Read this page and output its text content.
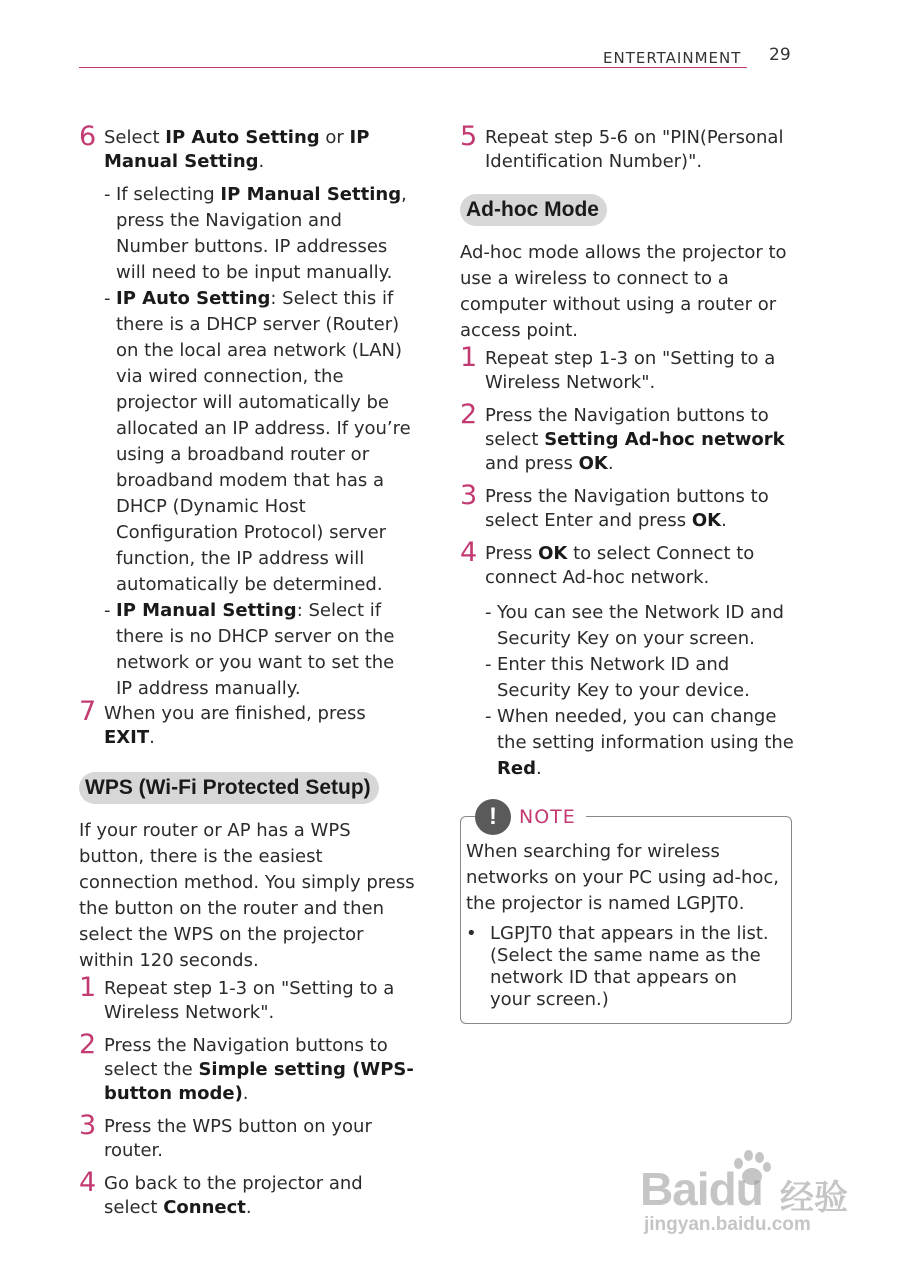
ENTERTAINMENT 29
6 Select IP Auto Setting or IP Manual Setting.
- If selecting IP Manual Setting, press the Navigation and Number buttons. IP addresses will need to be input manually.
- IP Auto Setting: Select this if there is a DHCP server (Router) on the local area network (LAN) via wired connection, the projector will automatically be allocated an IP address. If you’re using a broadband router or broadband modem that has a DHCP (Dynamic Host Configuration Protocol) server function, the IP address will automatically be determined.
- IP Manual Setting: Select if there is no DHCP server on the network or you want to set the IP address manually.
7 When you are finished, press EXIT.
WPS (Wi-Fi Protected Setup)

If your router or AP has a WPS button, there is the easiest connection method. You simply press the button on the router and then select the WPS on the projector within 120 seconds.

1 Repeat step 1-3 on "Setting to a Wireless Network".
2 Press the Navigation buttons to select the Simple setting (WPS-button mode).
3 Press the WPS button on your router.
4 Go back to the projector and select Connect.
5 Repeat step 5-6 on "PIN(Personal Identification Number)".
Ad-hoc Mode

Ad-hoc mode allows the projector to use a wireless to connect to a computer without using a router or access point.

1 Repeat step 1-3 on "Setting to a Wireless Network".
2 Press the Navigation buttons to select Setting Ad-hoc network and press OK.
3 Press the Navigation buttons to select Enter and press OK.
4 Press OK to select Connect to connect Ad-hoc network.
- You can see the Network ID and Security Key on your screen.
- Enter this Network ID and Security Key to your device.
- When needed, you can change the setting information using the Red.
!	NOTE

When searching for wireless networks on your PC using ad-hoc, the projector is named LGPJT0.

• LGPJT0 that appears in the list. (Select the same name as the network ID that appears on your screen.)
Baidu 经验
jingyan.baidu.com
